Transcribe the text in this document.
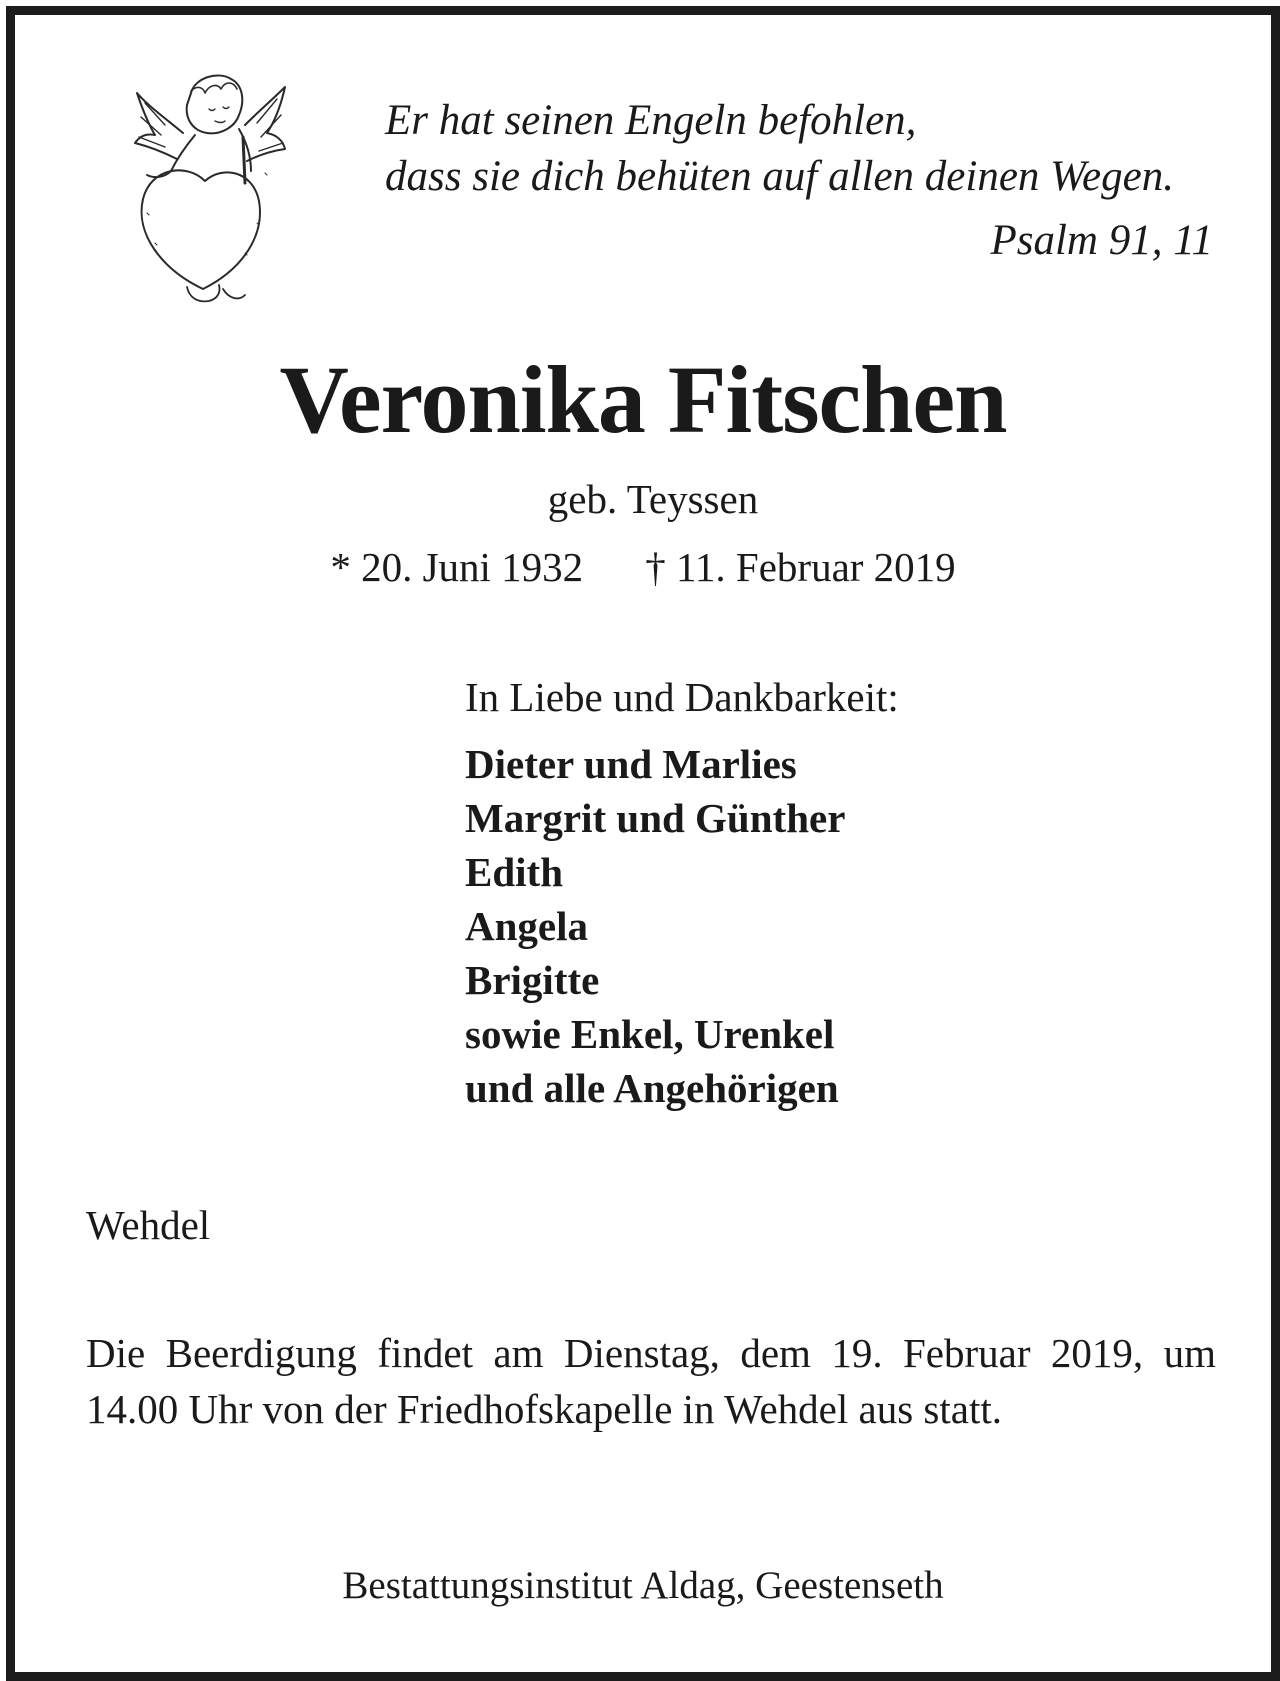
Er hat seinen Engeln befohlen,
dass sie dich behüten auf allen deinen Wegen.
Psalm 91, 11
Veronika Fitschen
geb. Teyssen
* 20. Juni 1932 † 11. Februar 2019
In Liebe und Dankbarkeit:
Dieter und Marlies
Margrit und Günther
Edith
Angela
Brigitte
sowie Enkel, Urenkel
und alle Angehörigen
Wehdel
Die Beerdigung findet am Dienstag, dem 19. Februar 2019, um 14.00 Uhr von der Friedhofskapelle in Wehdel aus statt.
Bestattungsinstitut Aldag, Geestenseth
